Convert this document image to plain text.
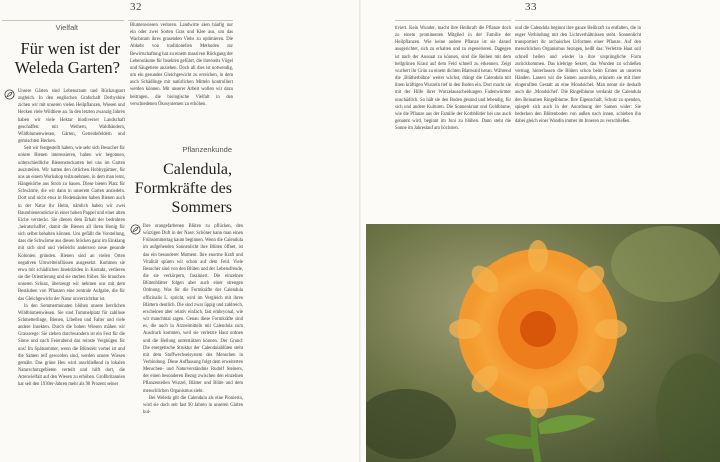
32
Vielfalt
Für wen ist der Weleda Garten?

Unsere Gärten sind Lebensraum und Rückzugsort zugleich. In den englischen Grafschaft Derbyshire zichen wir mit unseren vielen Heilpflanzen, Wiesen und Hecken viele Wildtiere an. In den letzten zwanzig Jahren haben wir viele Hektar biodiverser Landschaft geschaffen: mit Weihern, Waldbändern, Wildblumenwiesen, Gärten, Getreidefeldern und gemischten Hecken.

Seit wir festgestellt haben, wie sehr sich Besucher für unsere Bienen interessieren, haben wir begonnen, unterschiedliche Bienenstockarten bei uns im Garten auszuteilen. Wir hatten den örtlichen Hobbygärtner, für uns an einem Workshop teilzunehmen, in dem man lernt, Hängekörbe aus Stroh zu bauen. Diese bieten Platz für Schwärme, die wir dann in unserem Garten ansiedeln. Dort und nicht etwa in Bodensäulen haben Bienen auch in der Natur ihr Heim, nämlich haben wir zwei Baumbienenstöcke in einer hohen Pappel und einer alten Eiche versteckt. Sie dienen dem Erhalt der bedrohten ‚heiratschaffet', damit die Bienen all ihren Honig für sich selbst behalten können. Uns gefällt die Vorstellung, dass die Schwärme aus diesen Stöcken ganz im Einklang mit sich sind und vielleicht anderswo neue gesunde Kolonien gründen. Bienen sind an vielen Orten negativen Umwelteinflüssen ausgesetzt. Kommen sie etwa mit schädlichen Insektiziden in Kontakt, verlieren sie die Orientierung und sie sterben früher. Sie brauchen unseren Schutz, überzeugt wir nehmen uns mit dem Bestäuben von Pflanzen eine zentrale Aufgabe, die für das Gleichgewicht der Natur unverzichtbar ist.

In den Sommermonaten blühen unsere herrlichen Wildblumenwiesen. Sie sind Tummelplatz für zahllose Schmetterlinge, Bienen, Libellen und Falter und viele andere Insekten. Durch die hohen Wiesen mähen wir Grasswege: Sie ziehen durchwandern ist ein Fest für die Sinne und nach Feierabend das reinste Vergnügen für uns! Im Spätsommer, wenn die Blütezeit vorbei ist und die Samen reif geworden sind, werden unsere Wiesen gemäht. Das grüne Heu wird anschließend in lokalen Naturschutzgebieten verteilt und hilft dort, die Artenvielfalt auf den Wiesen zu erhöhen. Großbritannien hat seit den 1930er-Jahren mehr als 90 Prozent seiner

Blumenwiesen verloren. Landwirte säen häufig nur ein oder zwei Sorten Gras und Klee aus, um das Wachstum ihres grasenden Viehs zu optimieren. Die Abkehr von traditionellen Methoden zur Bewirtschaftung hat zu einem massiven Rückgang der Lebensräume für Insekten geführt, die ihrerseits Vögel und Säugetiere anziehen. Doch all dies ist notwendig, um ein gesundes Gleichgewicht zu erreichen, in dem auch Schädlinge mit natürlichen Mitteln kontrolliert werden können. Mit unserer Arbeit wollen wir dazu beitragen, die biologische Vielfalt in den verschiedenen Ökosystemen zu erhöhen.

Pflanzenkunde
Calendula, Formkräfte des Sommers

Ihre orangefarbenen Blüten zu pflücken, den würzigen Duft in der Nase: Schöner kann man einen Frühsommertag kaum beginnen. Wenn die Calendula im aufgehenden Sonnenlicht ihre Blüten öffnet, ist das ein besonderer Moment. Ihre enorme Kraft und Vitalität spüren wir schon auf dem Feld. Viele Besucher sind von den Blüten und der Lebensfreude, die sie verkörpern, fasziniert. Die einzelnen Blütenblätter folgen aber auch einer strengen Ordnung. Was für die Formkräfte der Calendula officinalis L. spricht, wird im Vergleich mit ihren Blättern deutlich. Die sind zwar üppig und zahlreich, erscheinen aber relativ einfach, fast embryonal, wie wir manchmal sagen. Genau diese Formkräfte sind es, die auch in Arzneimitteln mit Calendula zum Ausdruck kommen, weil sie verletzte Haut ordnen und die Heilung unterstützen können. Der Grund: Die energetische Struktur der Calendulablüten steht mit dem Stoffwechselsystem des Menschen in Verbindung. Diese Auffassung folgt dem erweiterten Menschen- und Naturverständnis Rudolf Steiners, der einen besonderen Bezug zwischen den einzelnen Pflanzenteilen Wurzel, Blätter und Blüte und dem menschlichen Organismus sieht.

Bei Weleda gilt die Calendula als eine Pionierin, wird sie doch seit fast 90 Jahren in unseren Gärten kul-

33

tiviert. Kein Wunder, macht ihre Heilkraft die Pflanze doch zu einem prominenten Mitglied in der Familie der Heilpflanzen. Wie keine andere Pflanze ist sie darauf ausgerichtet, sich zu erhalten und zu regenerieren. Dagegen ist nach der Aussaat zu können, sind die Reihen mit dem hellgrünen Kraut auf dem Feld schnell zu erkennen. Zeigt wuchert ihr Grün zu einem dichten Blattwald heran. Während die ‚Blütherbühne' weiter wächst, drängt die Calendula mit ihren kräftigen Wurzeln tief in den Boden ein. Dort macht sie mit der Hilfe ihrer Wurzelausscheidungen Fadenwürmer unschädlich. So hält sie den Boden gesund und lebendig, für sich und andere Kulturen. Die Sonnenkraut und Goldblume, wie die Pflanze aus der Familie der Korbblütler hei uns auch genannt wird, beginnt im Juni zu blühen. Dann steht die Sonne im Jahreslauf am höchsten.

und die Calendula beginnt ihre ganze Heilkraft zu entfalten, die in enger Verbindung mit den Lichtverhältnissen steht. Sonnenlicht transportiert ihr archaisches Urformen einer Pflanze. Auf den menschlichen Organismus bezogen, heißt das: Verletzte Haut soll schnell heilen und wieder in ihre ursprüngliche Form zurückkommen. Das klebrige Sekret, das Wunden zu schließen vermag, hinterlassen die Blüten schon beim Ernten an unseren Händen. Lassen wir die Samen ausreifen, erinnern sie mit ihrer eingerollten Gestalt an eine Mondsichel. Man nennt sie deshalb auch die ‚Mondsichel'. Die Ringelblume verdankt die Calendula den Beinamen Ringelblume. Ihre Eigenschaft, Schutz zu spenden, spiegelt sich auch in der Anordnung der Samen wider: Sie bedecken den Blütenboden von außen nach innen, schieben ihn dabei gleich einer Wandin immer im Inneren zu verschließen.
